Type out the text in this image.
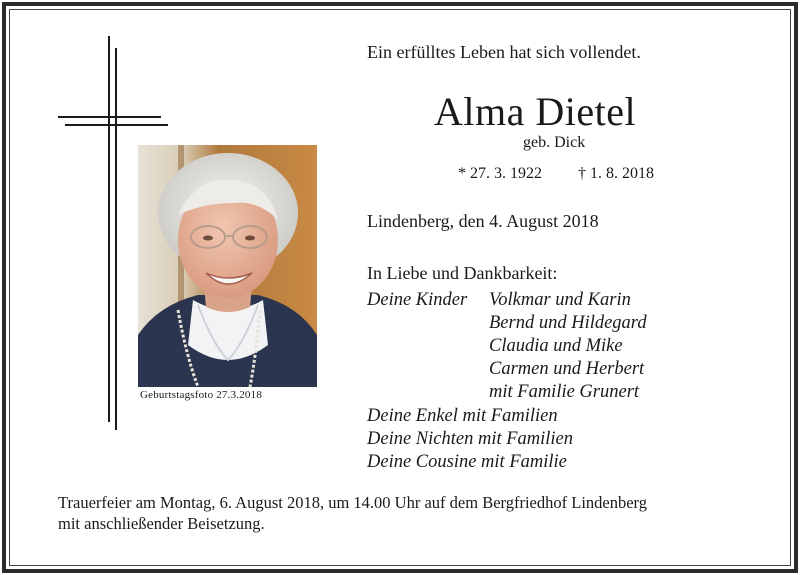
Geburtstagsfoto 27.3.2018
Ein erfülltes Leben hat sich vollendet.
Alma Dietel
geb. Dick
* 27. 3. 1922 † 1. 8. 2018
Lindenberg, den 4. August 2018
In Liebe und Dankbarkeit:
Deine Kinder Volkmar und Karin
Bernd und Hildegard
Claudia und Mike
Carmen und Herbert
mit Familie Grunert
Deine Enkel mit Familien
Deine Nichten mit Familien
Deine Cousine mit Familie
Trauerfeier am Montag, 6. August 2018, um 14.00 Uhr auf dem Bergfriedhof Lindenberg
mit anschließender Beisetzung.
